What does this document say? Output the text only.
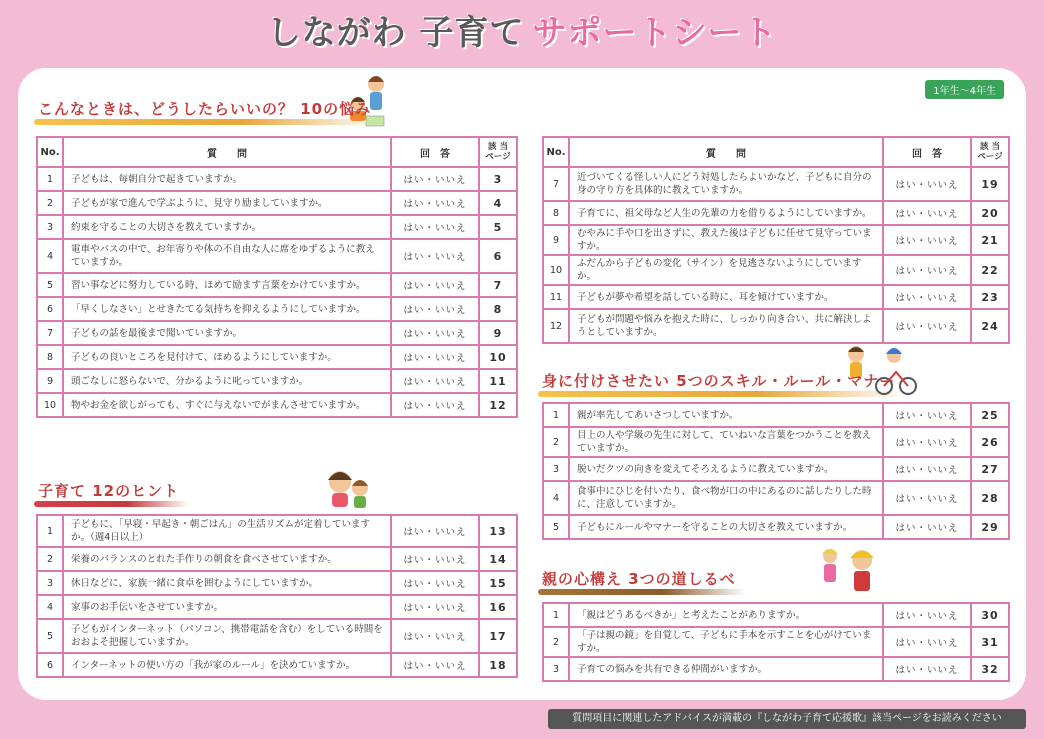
しながわ 子育て サポートシート
1年生〜4年生
こんなときは、どうしたらいいの？ 10の悩み
No.	質　　問	回　答	該 当
ページ
1	子どもは、毎朝自分で起きていますか。	はい・いいえ	3
2	子どもが家で進んで学ぶように、見守り励ましていますか。	はい・いいえ	4
3	約束を守ることの大切さを教えていますか。	はい・いいえ	5
4	電車やバスの中で、お年寄りや体の不自由な人に席をゆずるように教えていますか。	はい・いいえ	6
5	習い事などに努力している時、ほめて励ます言葉をかけていますか。	はい・いいえ	7
6	「早くしなさい」とせきたてる気持ちを抑えるようにしていますか。	はい・いいえ	8
7	子どもの話を最後まで聞いていますか。	はい・いいえ	9
8	子どもの良いところを見付けて、ほめるようにしていますか。	はい・いいえ	10
9	頭ごなしに怒らないで、分かるように叱っていますか。	はい・いいえ	11
10	物やお金を欲しがっても、すぐに与えないでがまんさせていますか。	はい・いいえ	12
No.	質　　問	回　答	該 当
ページ
7	近づいてくる怪しい人にどう対処したらよいかなど、子どもに自分の身の守り方を具体的に教えていますか。	はい・いいえ	19
8	子育てに、祖父母など人生の先輩の力を借りるようにしていますか。	はい・いいえ	20
9	むやみに手や口を出さずに、教えた後は子どもに任せて見守っていますか。	はい・いいえ	21
10	ふだんから子どもの変化（サイン）を見逃さないようにしていますか。	はい・いいえ	22
11	子どもが夢や希望を話している時に、耳を傾けていますか。	はい・いいえ	23
12	子どもが問題や悩みを抱えた時に、しっかり向き合い、共に解決しようとしていますか。	はい・いいえ	24
子育て 12のヒント
1	子どもに、「早寝・早起き・朝ごはん」の生活リズムが定着していますか。（週4日以上）	はい・いいえ	13
2	栄養のバランスのとれた手作りの朝食を食べさせていますか。	はい・いいえ	14
3	休日などに、家族一緒に食卓を囲むようにしていますか。	はい・いいえ	15
4	家事のお手伝いをさせていますか。	はい・いいえ	16
5	子どもがインターネット（パソコン、携帯電話を含む）をしている時間をおおよそ把握していますか。	はい・いいえ	17
6	インターネットの使い方の「我が家のルール」を決めていますか。	はい・いいえ	18
身に付けさせたい 5つのスキル・ルール・マナー
1	親が率先してあいさつしていますか。	はい・いいえ	25
2	目上の人や学級の先生に対して、ていねいな言葉をつかうことを教えていますか。	はい・いいえ	26
3	脱いだクツの向きを変えてそろえるように教えていますか。	はい・いいえ	27
4	食事中にひじを付いたり、食べ物が口の中にあるのに話したりした時に、注意していますか。	はい・いいえ	28
5	子どもにルールやマナーを守ることの大切さを教えていますか。	はい・いいえ	29
親の心構え 3つの道しるべ
1	「親はどうあるべきか」と考えたことがありますか。	はい・いいえ	30
2	「子は親の鏡」を自覚して、子どもに手本を示すことを心がけていますか。	はい・いいえ	31
3	子育ての悩みを共有できる仲間がいますか。	はい・いいえ	32
質問項目に関連したアドバイスが満載の『しながわ子育て応援歌』該当ページをお読みください
